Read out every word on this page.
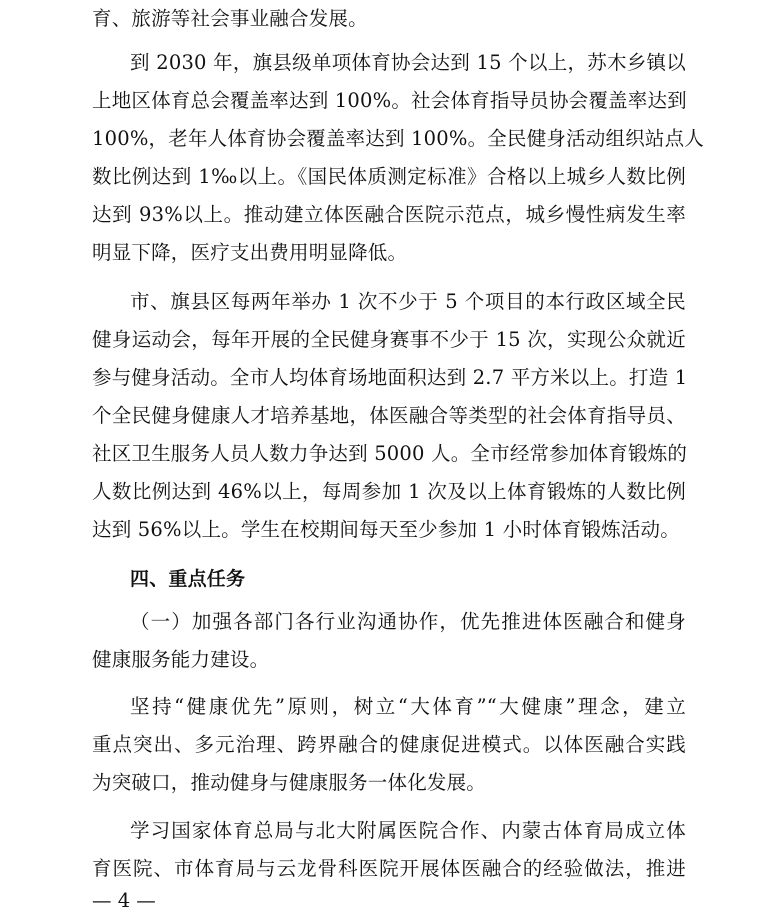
育、旅游等社会事业融合发展。
到 2030 年，旗县级单项体育协会达到 15 个以上，苏木乡镇以
上地区体育总会覆盖率达到 100%。社会体育指导员协会覆盖率达到
100%，老年人体育协会覆盖率达到 100%。全民健身活动组织站点人
数比例达到 1‰以上。《国民体质测定标准》合格以上城乡人数比例
达到 93%以上。推动建立体医融合医院示范点，城乡慢性病发生率
明显下降，医疗支出费用明显降低。
市、旗县区每两年举办 1 次不少于 5 个项目的本行政区域全民
健身运动会，每年开展的全民健身赛事不少于 15 次，实现公众就近
参与健身活动。全市人均体育场地面积达到 2.7 平方米以上。打造 1
个全民健身健康人才培养基地，体医融合等类型的社会体育指导员、
社区卫生服务人员人数力争达到 5000 人。全市经常参加体育锻炼的
人数比例达到 46%以上，每周参加 1 次及以上体育锻炼的人数比例
达到 56%以上。学生在校期间每天至少参加 1 小时体育锻炼活动。
四、重点任务
（一）加强各部门各行业沟通协作，优先推进体医融合和健身
健康服务能力建设。
坚持“健康优先”原则，树立“大体育”“大健康”理念，建立
重点突出、多元治理、跨界融合的健康促进模式。以体医融合实践
为突破口，推动健身与健康服务一体化发展。
学习国家体育总局与北大附属医院合作、内蒙古体育局成立体
育医院、市体育局与云龙骨科医院开展体医融合的经验做法，推进
— 4 —
